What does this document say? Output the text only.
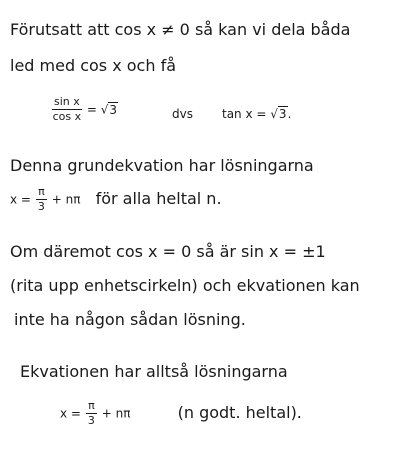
Förutsatt att cos x ≠ 0 så kan vi dela båda
led med cos x och få
$\frac{\text{sin x}}{\text{cos x}} = √3$	dvs tan x = √3.
Denna grundekvation har lösningarna
$x = \frac{\pi}{3} + n\pi$ för alla heltal n.
Om däremot cos x = 0 så är sin x = ±1
(rita upp enhetscirkeln) och ekvationen kan
inte ha någon sådan lösning.
Ekvationen har alltså lösningarna
$x = \frac{\pi}{3} + n\pi$	(n godt. heltal).
